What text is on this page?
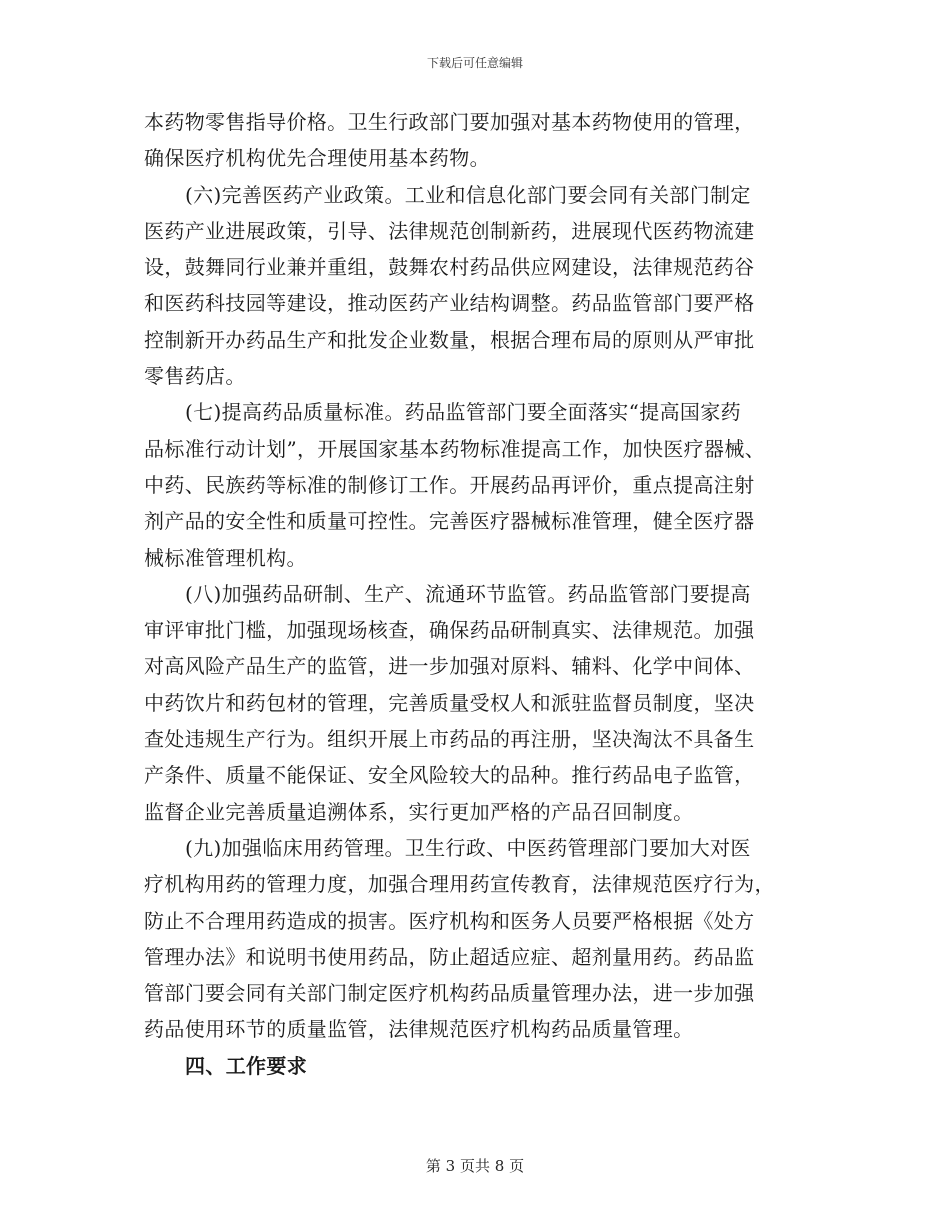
下载后可任意编辑
本药物零售指导价格。卫生行政部门要加强对基本药物使用的管理，
确保医疗机构优先合理使用基本药物。
(六)完善医药产业政策。工业和信息化部门要会同有关部门制定
医药产业进展政策，引导、法律规范创制新药，进展现代医药物流建
设，鼓舞同行业兼并重组，鼓舞农村药品供应网建设，法律规范药谷
和医药科技园等建设，推动医药产业结构调整。药品监管部门要严格
控制新开办药品生产和批发企业数量，根据合理布局的原则从严审批
零售药店。
(七)提高药品质量标准。药品监管部门要全面落实“提高国家药
品标准行动计划”，开展国家基本药物标准提高工作，加快医疗器械、
中药、民族药等标准的制修订工作。开展药品再评价，重点提高注射
剂产品的安全性和质量可控性。完善医疗器械标准管理，健全医疗器
械标准管理机构。
(八)加强药品研制、生产、流通环节监管。药品监管部门要提高
审评审批门槛，加强现场核查，确保药品研制真实、法律规范。加强
对高风险产品生产的监管，进一步加强对原料、辅料、化学中间体、
中药饮片和药包材的管理，完善质量受权人和派驻监督员制度，坚决
查处违规生产行为。组织开展上市药品的再注册，坚决淘汰不具备生
产条件、质量不能保证、安全风险较大的品种。推行药品电子监管，
监督企业完善质量追溯体系，实行更加严格的产品召回制度。
(九)加强临床用药管理。卫生行政、中医药管理部门要加大对医
疗机构用药的管理力度，加强合理用药宣传教育，法律规范医疗行为，
防止不合理用药造成的损害。医疗机构和医务人员要严格根据《处方
管理办法》和说明书使用药品，防止超适应症、超剂量用药。药品监
管部门要会同有关部门制定医疗机构药品质量管理办法，进一步加强
药品使用环节的质量监管，法律规范医疗机构药品质量管理。
四、工作要求
第 3 页共 8 页
